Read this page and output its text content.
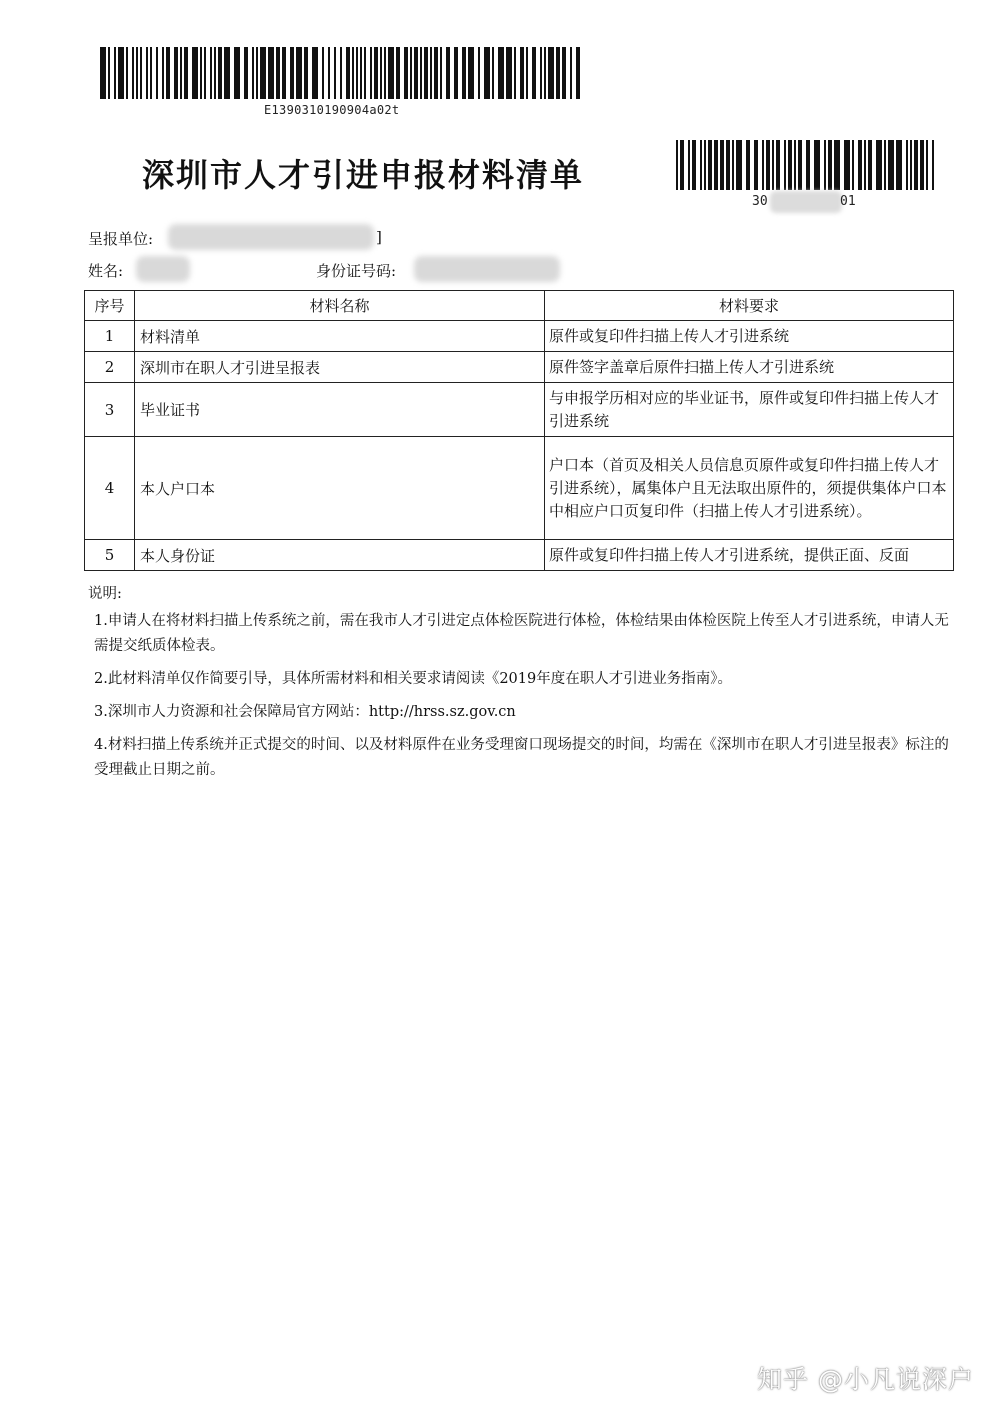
E1390310190904a02t
30	01
深圳市人才引进申报材料清单
呈报单位:	]
姓名:	身份证号码:
序号	材料名称	材料要求
1	材料清单	原件或复印件扫描上传人才引进系统
2	深圳市在职人才引进呈报表	原件签字盖章后原件扫描上传人才引进系统
3	毕业证书	与申报学历相对应的毕业证书，原件或复印件扫描上传人才引进系统
4	本人户口本	户口本（首页及相关人员信息页原件或复印件扫描上传人才引进系统），属集体户且无法取出原件的，须提供集体户口本中相应户口页复印件（扫描上传人才引进系统）。
5	本人身份证	原件或复印件扫描上传人才引进系统，提供正面、反面
说明:
1.申请人在将材料扫描上传系统之前，需在我市人才引进定点体检医院进行体检，体检结果由体检医院上传至人才引进系统，申请人无需提交纸质体检表。
2.此材料清单仅作简要引导，具体所需材料和相关要求请阅读《2019年度在职人才引进业务指南》。
3.深圳市人力资源和社会保障局官方网站：http://hrss.sz.gov.cn
4.材料扫描上传系统并正式提交的时间、以及材料原件在业务受理窗口现场提交的时间，均需在《深圳市在职人才引进呈报表》标注的受理截止日期之前。
知乎 @小凡说深户
